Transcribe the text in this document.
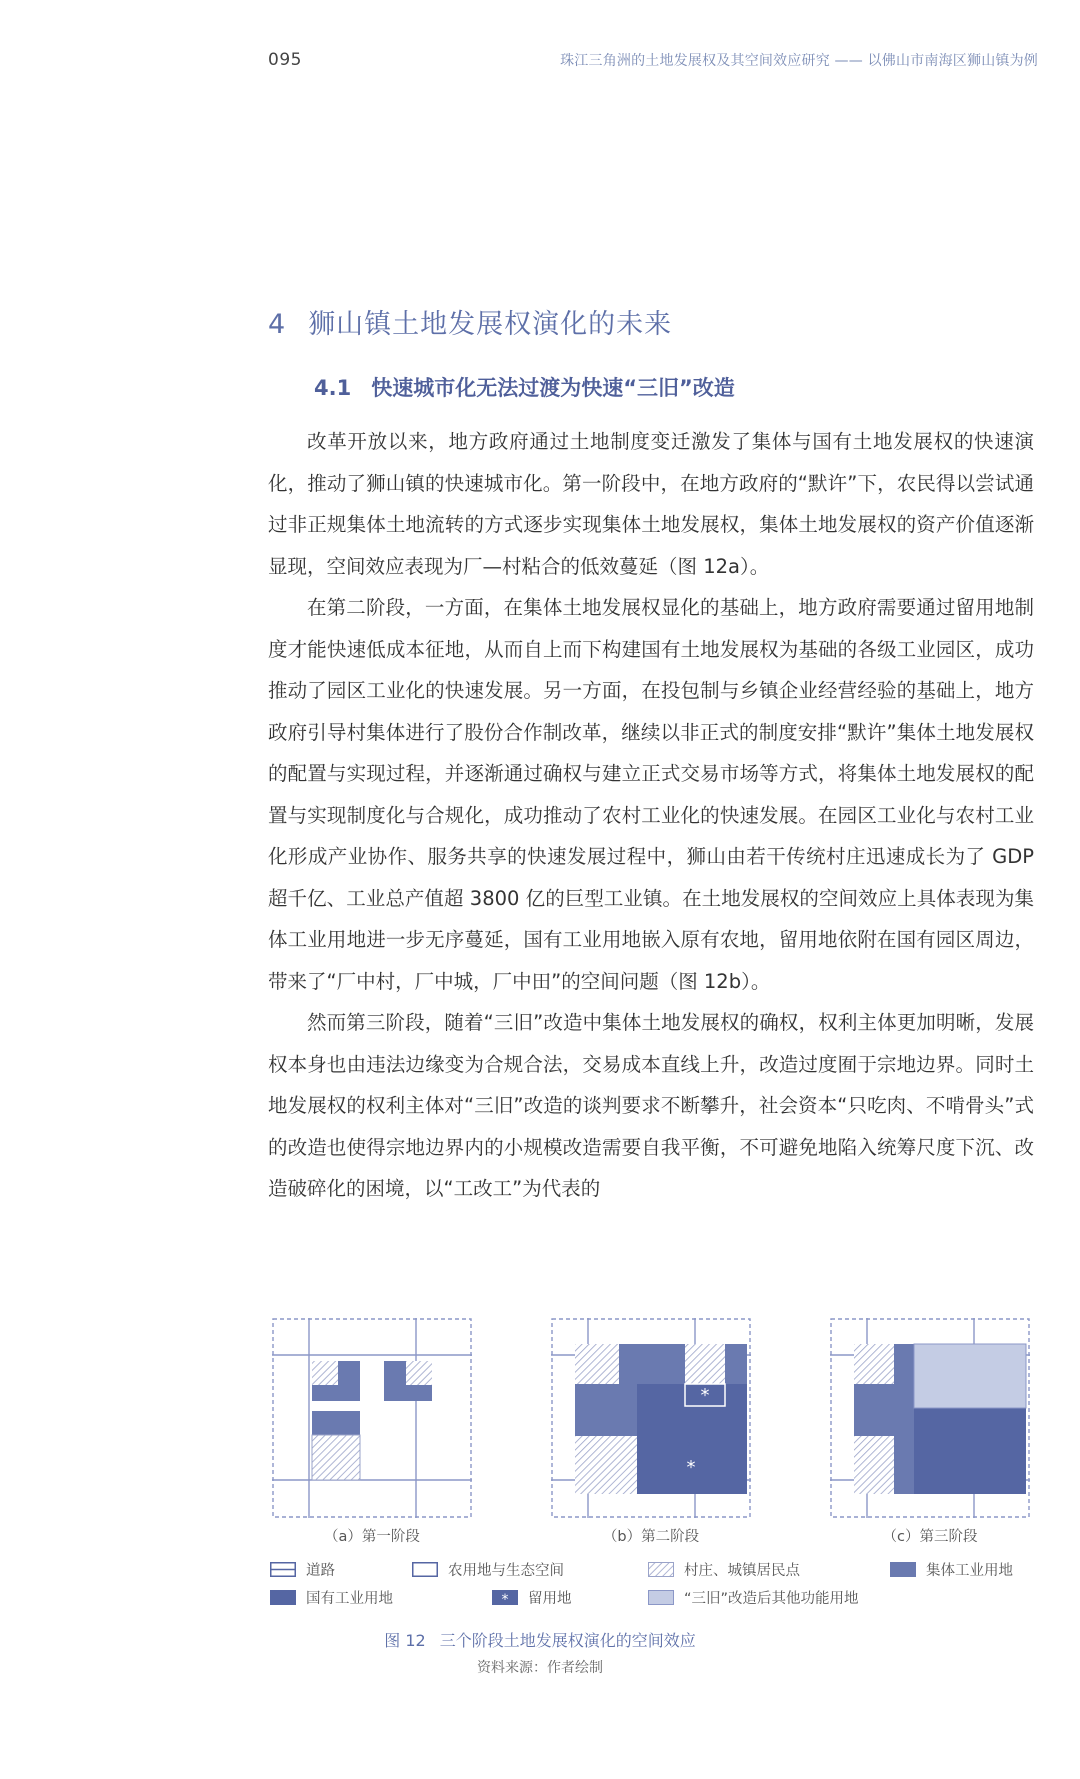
095	珠江三角洲的土地发展权及其空间效应研究 —— 以佛山市南海区狮山镇为例
4 狮山镇土地发展权演化的未来
4.1 快速城市化无法过渡为快速“三旧”改造

改革开放以来，地方政府通过土地制度变迁激发了集体与国有土地发展权的快速演化，推动了狮山镇的快速城市化。第一阶段中，在地方政府的“默许”下，农民得以尝试通过非正规集体土地流转的方式逐步实现集体土地发展权，集体土地发展权的资产价值逐渐显现，空间效应表现为厂—村粘合的低效蔓延（图 12a）。

在第二阶段，一方面，在集体土地发展权显化的基础上，地方政府需要通过留用地制度才能快速低成本征地，从而自上而下构建国有土地发展权为基础的各级工业园区，成功推动了园区工业化的快速发展。另一方面，在投包制与乡镇企业经营经验的基础上，地方政府引导村集体进行了股份合作制改革，继续以非正式的制度安排“默许”集体土地发展权的配置与实现过程，并逐渐通过确权与建立正式交易市场等方式，将集体土地发展权的配置与实现制度化与合规化，成功推动了农村工业化的快速发展。在园区工业化与农村工业化形成产业协作、服务共享的快速发展过程中，狮山由若干传统村庄迅速成长为了 GDP 超千亿、工业总产值超 3800 亿的巨型工业镇。在土地发展权的空间效应上具体表现为集体工业用地进一步无序蔓延，国有工业用地嵌入原有农地，留用地依附在国有园区周边，带来了“厂中村，厂中城，厂中田”的空间问题（图 12b）。

然而第三阶段，随着“三旧”改造中集体土地发展权的确权，权利主体更加明晰，发展权本身也由违法边缘变为合规合法，交易成本直线上升，改造过度囿于宗地边界。同时土地发展权的权利主体对“三旧”改造的谈判要求不断攀升，社会资本“只吃肉、不啃骨头”式的改造也使得宗地边界内的小规模改造需要自我平衡，不可避免地陷入统筹尺度下沉、改造破碎化的困境，以“工改工”为代表的

（a）第一阶段
*
*
（b）第二阶段	（c）第三阶段
道路	农用地与生态空间	村庄、城镇居民点	集体工业用地
国有工业用地	* 留用地	“三旧”改造后其他功能用地
图 12 三个阶段土地发展权演化的空间效应
资料来源：作者绘制
